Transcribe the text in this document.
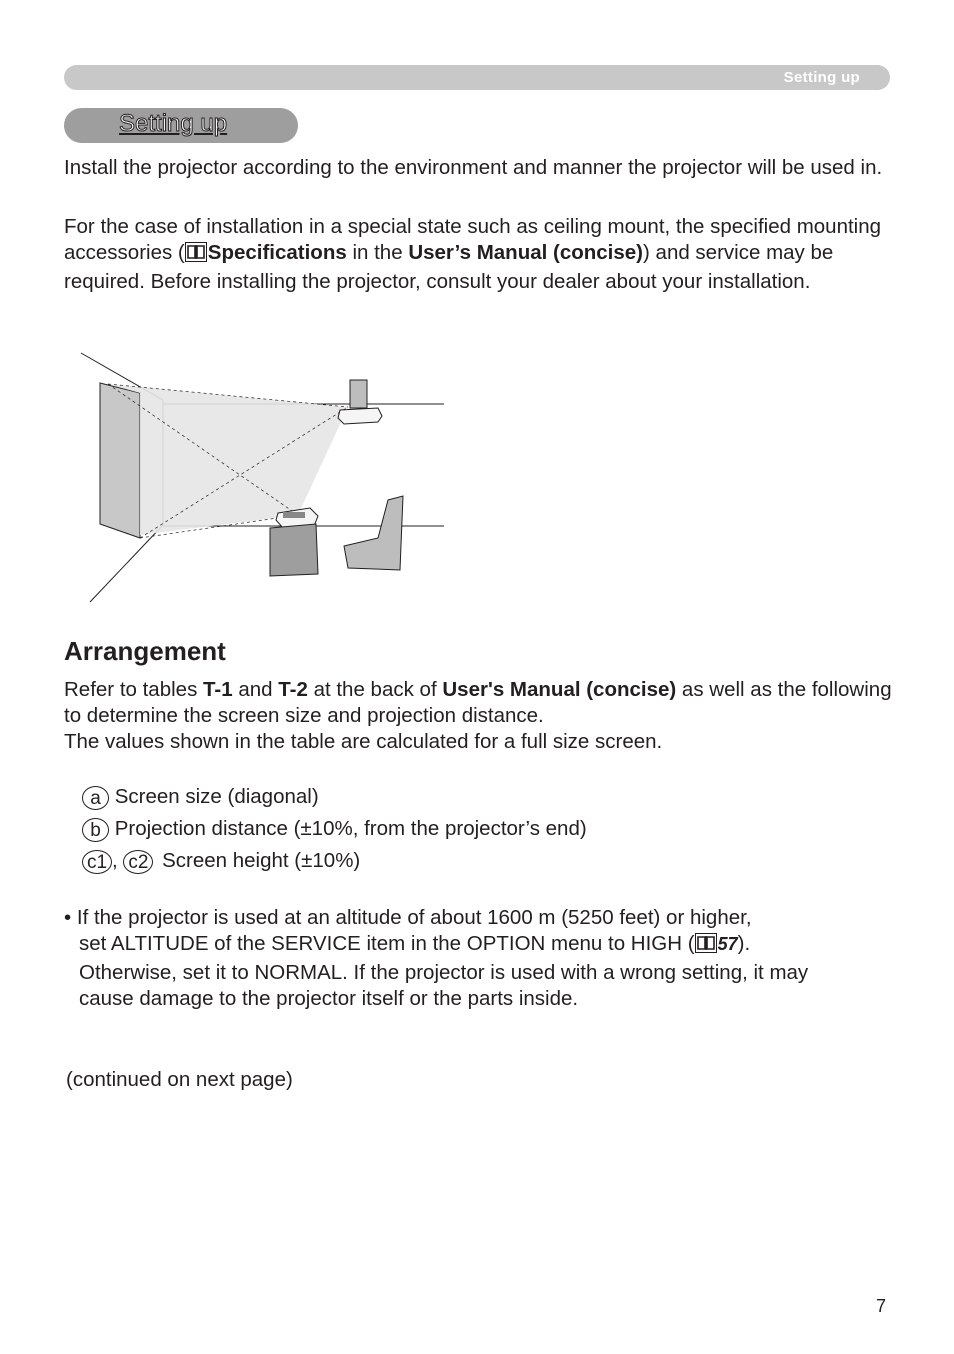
Setting up
Setting up

Install the projector according to the environment and manner the projector will be used in.

For the case of installation in a special state such as ceiling mount, the specified mounting accessories ( Specifications in the User’s Manual (concise)) and service may be required. Before installing the projector, consult your dealer about your installation.

Arrangement

Refer to tables T-1 and T-2 at the back of User's Manual (concise) as well as the following to determine the screen size and projection distance.

The values shown in the table are calculated for a full size screen.

a Screen size (diagonal)
b Projection distance (±10%, from the projector’s end)
c1 , c2 Screen height (±10%)
• If the projector is used at an altitude of about 1600 m (5250 feet) or higher,
set ALTITUDE of the SERVICE item in the OPTION menu to HIGH ( 57).
Otherwise, set it to NORMAL. If the projector is used with a wrong setting, it may
cause damage to the projector itself or the parts inside.

(continued on next page)

7
